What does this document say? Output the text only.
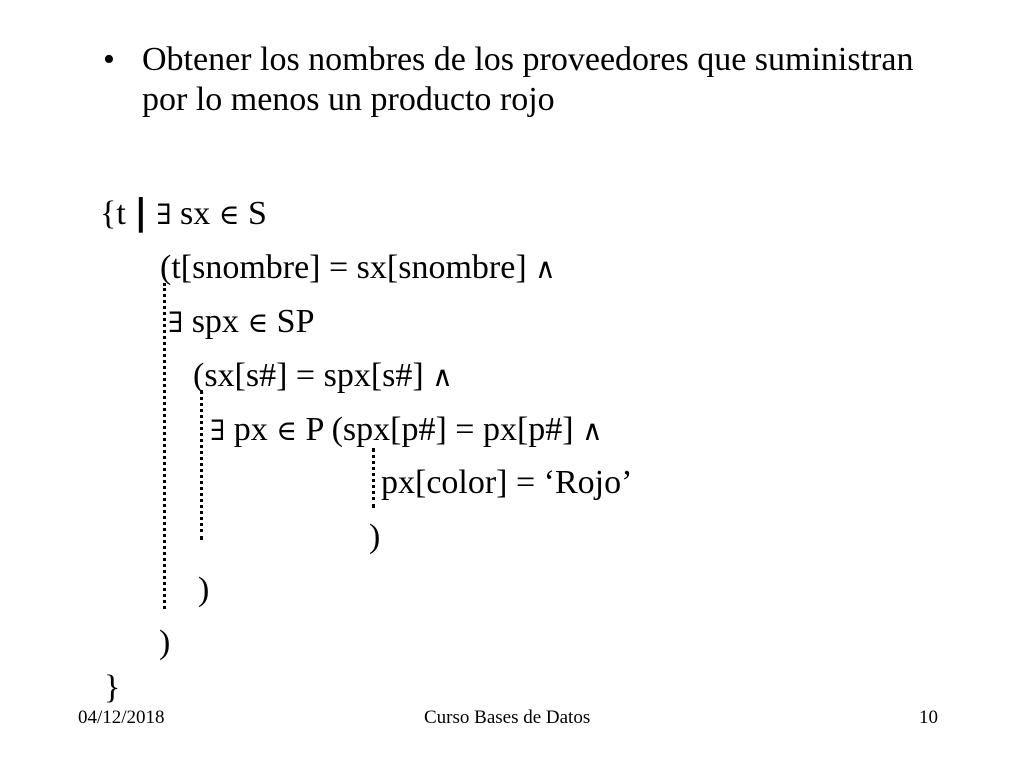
• Obtener los nombres de los proveedores que suministran por lo menos un producto rojo
{t | ∃ sx ∈ S
(t[snombre] = sx[snombre] ∧
∃ spx ∈ SP
(sx[s#] = spx[s#] ∧
∃ px ∈ P (spx[p#] = px[p#] ∧
px[color] = ‘Rojo’
)
)
)
}
04/12/2018	Curso Bases de Datos	10
